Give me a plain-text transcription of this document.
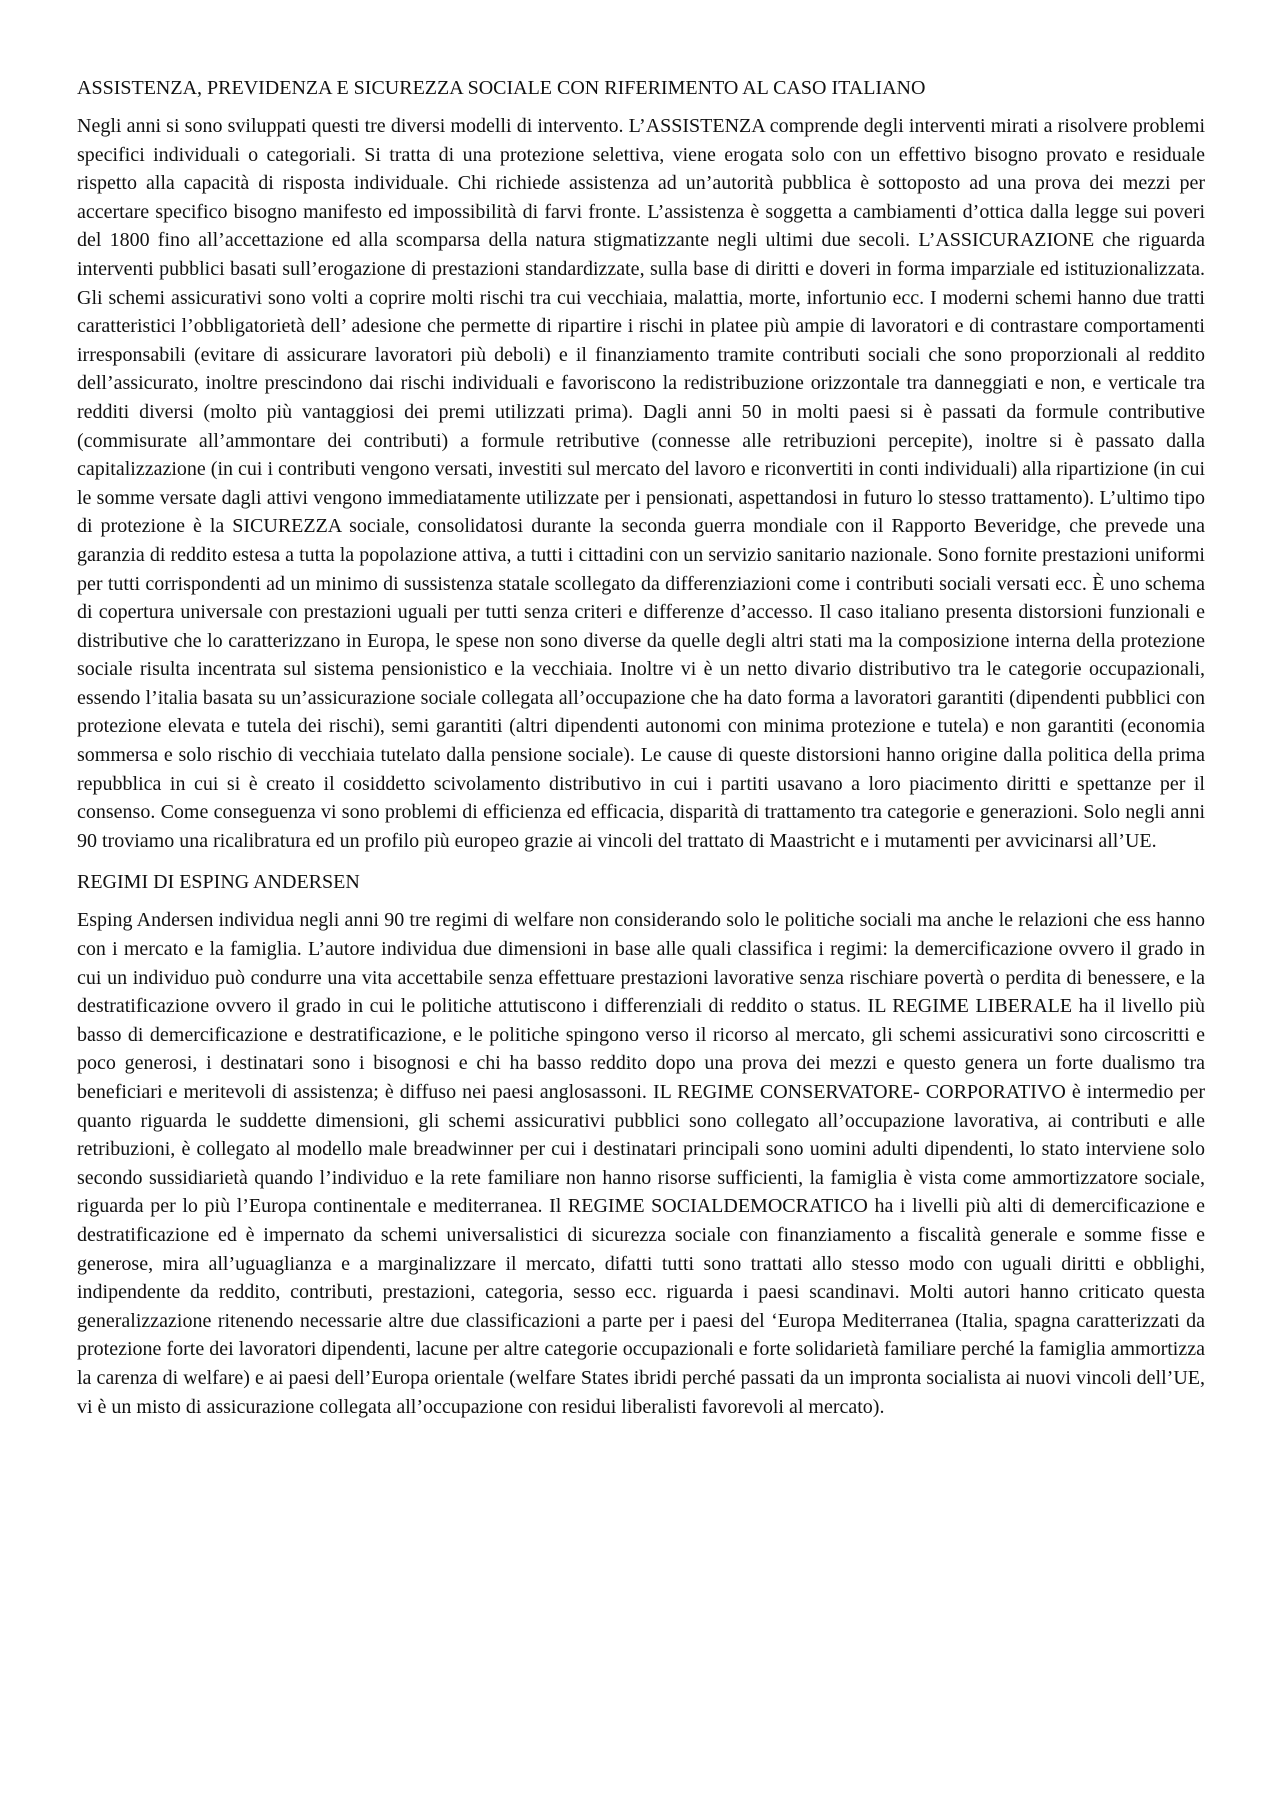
ASSISTENZA, PREVIDENZA E SICUREZZA SOCIALE CON RIFERIMENTO AL CASO ITALIANO

Negli anni si sono sviluppati questi tre diversi modelli di intervento. L’ASSISTENZA comprende degli interventi mirati a risolvere problemi specifici individuali o categoriali. Si tratta di una protezione selettiva, viene erogata solo con un effettivo bisogno provato e residuale rispetto alla capacità di risposta individuale. Chi richiede assistenza ad un’autorità pubblica è sottoposto ad una prova dei mezzi per accertare specifico bisogno manifesto ed impossibilità di farvi fronte. L’assistenza è soggetta a cambiamenti d’ottica dalla legge sui poveri del 1800 fino all’accettazione ed alla scomparsa della natura stigmatizzante negli ultimi due secoli. L’ASSICURAZIONE che riguarda interventi pubblici basati sull’erogazione di prestazioni standardizzate, sulla base di diritti e doveri in forma imparziale ed istituzionalizzata. Gli schemi assicurativi sono volti a coprire molti rischi tra cui vecchiaia, malattia, morte, infortunio ecc. I moderni schemi hanno due tratti caratteristici l’obbligatorietà dell’ adesione che permette di ripartire i rischi in platee più ampie di lavoratori e di contrastare comportamenti irresponsabili (evitare di assicurare lavoratori più deboli) e il finanziamento tramite contributi sociali che sono proporzionali al reddito dell’assicurato, inoltre prescindono dai rischi individuali e favoriscono la redistribuzione orizzontale tra danneggiati e non, e verticale tra redditi diversi (molto più vantaggiosi dei premi utilizzati prima). Dagli anni 50 in molti paesi si è passati da formule contributive (commisurate all’ammontare dei contributi) a formule retributive (connesse alle retribuzioni percepite), inoltre si è passato dalla capitalizzazione (in cui i contributi vengono versati, investiti sul mercato del lavoro e riconvertiti in conti individuali) alla ripartizione (in cui le somme versate dagli attivi vengono immediatamente utilizzate per i pensionati, aspettandosi in futuro lo stesso trattamento). L’ultimo tipo di protezione è la SICUREZZA sociale, consolidatosi durante la seconda guerra mondiale con il Rapporto Beveridge, che prevede una garanzia di reddito estesa a tutta la popolazione attiva, a tutti i cittadini con un servizio sanitario nazionale. Sono fornite prestazioni uniformi per tutti corrispondenti ad un minimo di sussistenza statale scollegato da differenziazioni come i contributi sociali versati ecc. È uno schema di copertura universale con prestazioni uguali per tutti senza criteri e differenze d’accesso. Il caso italiano presenta distorsioni funzionali e distributive che lo caratterizzano in Europa, le spese non sono diverse da quelle degli altri stati ma la composizione interna della protezione sociale risulta incentrata sul sistema pensionistico e la vecchiaia. Inoltre vi è un netto divario distributivo tra le categorie occupazionali, essendo l’italia basata su un’assicurazione sociale collegata all’occupazione che ha dato forma a lavoratori garantiti (dipendenti pubblici con protezione elevata e tutela dei rischi), semi garantiti (altri dipendenti autonomi con minima protezione e tutela) e non garantiti (economia sommersa e solo rischio di vecchiaia tutelato dalla pensione sociale). Le cause di queste distorsioni hanno origine dalla politica della prima repubblica in cui si è creato il cosiddetto scivolamento distributivo in cui i partiti usavano a loro piacimento diritti e spettanze per il consenso. Come conseguenza vi sono problemi di efficienza ed efficacia, disparità di trattamento tra categorie e generazioni. Solo negli anni 90 troviamo una ricalibratura ed un profilo più europeo grazie ai vincoli del trattato di Maastricht e i mutamenti per avvicinarsi all’UE.

REGIMI DI ESPING ANDERSEN

Esping Andersen individua negli anni 90 tre regimi di welfare non considerando solo le politiche sociali ma anche le relazioni che ess hanno con i mercato e la famiglia. L’autore individua due dimensioni in base alle quali classifica i regimi: la demercificazione ovvero il grado in cui un individuo può condurre una vita accettabile senza effettuare prestazioni lavorative senza rischiare povertà o perdita di benessere, e la destratificazione ovvero il grado in cui le politiche attutiscono i differenziali di reddito o status. IL REGIME LIBERALE ha il livello più basso di demercificazione e destratificazione, e le politiche spingono verso il ricorso al mercato, gli schemi assicurativi sono circoscritti e poco generosi, i destinatari sono i bisognosi e chi ha basso reddito dopo una prova dei mezzi e questo genera un forte dualismo tra beneficiari e meritevoli di assistenza; è diffuso nei paesi anglosassoni. IL REGIME CONSERVATORE- CORPORATIVO è intermedio per quanto riguarda le suddette dimensioni, gli schemi assicurativi pubblici sono collegato all’occupazione lavorativa, ai contributi e alle retribuzioni, è collegato al modello male breadwinner per cui i destinatari principali sono uomini adulti dipendenti, lo stato interviene solo secondo sussidiarietà quando l’individuo e la rete familiare non hanno risorse sufficienti, la famiglia è vista come ammortizzatore sociale, riguarda per lo più l’Europa continentale e mediterranea. Il REGIME SOCIALDEMOCRATICO ha i livelli più alti di demercificazione e destratificazione ed è impernato da schemi universalistici di sicurezza sociale con finanziamento a fiscalità generale e somme fisse e generose, mira all’uguaglianza e a marginalizzare il mercato, difatti tutti sono trattati allo stesso modo con uguali diritti e obblighi, indipendente da reddito, contributi, prestazioni, categoria, sesso ecc. riguarda i paesi scandinavi. Molti autori hanno criticato questa generalizzazione ritenendo necessarie altre due classificazioni a parte per i paesi del ‘Europa Mediterranea (Italia, spagna caratterizzati da protezione forte dei lavoratori dipendenti, lacune per altre categorie occupazionali e forte solidarietà familiare perché la famiglia ammortizza la carenza di welfare) e ai paesi dell’Europa orientale (welfare States ibridi perché passati da un impronta socialista ai nuovi vincoli dell’UE, vi è un misto di assicurazione collegata all’occupazione con residui liberalisti favorevoli al mercato).
